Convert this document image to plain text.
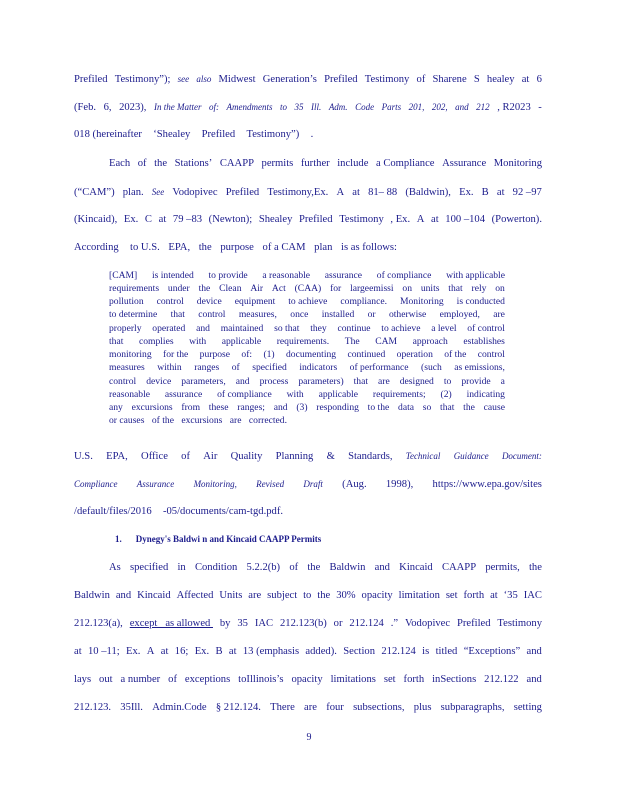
Prefiled Testimony”); see also Midwest Generation’s Prefiled Testimony of Sharene S healey at 6
(Feb. 6, 2023), In the Matter of: Amendments to 35 Ill. Adm. Code Parts 201, 202, and 212 , R2023 -
018 (hereinafter ‘Shealey Prefiled Testimony”) .
Each of the Stations’ CAAPP permits further include a Compliance Assurance Monitoring
(“CAM”) plan. See Vodopivec Prefiled Testimony,Ex. A at 81– 88 (Baldwin), Ex. B at 92 –97
(Kincaid), Ex. C at 79 –83 (Newton); Shealey Prefiled Testimony , Ex. A at 100 –104 (Powerton).
According to U.S. EPA, the purpose of a CAM plan is as follows:
[CAM] is intended to provide a reasonable assurance of compliance with applicable
requirements under the Clean Air Act (CAA) for largeemissi on units that rely on
pollution control device equipment to achieve compliance. Monitoring is conducted
to determine that control measures, once installed or otherwise employed, are
properly operated and maintained so that they continue to achieve a level of control
that complies with applicable requirements. The CAM approach establishes
monitoring for the purpose of: (1) documenting continued operation of the control
measures within ranges of specified indicators of performance (such as emissions,
control device parameters, and process parameters) that are designed to provide a
reasonable assurance of compliance with applicable requirements; (2) indicating
any excursions from these ranges; and (3) responding to the data so that the cause
or causes of the excursions are corrected.
U.S. EPA, Office of Air Quality Planning & Standards, Technical Guidance Document:
Compliance Assurance Monitoring, Revised Draft (Aug. 1998), https://www.epa.gov/sites
/default/files/2016 -05/documents/cam-tgd.pdf.
1. Dynegy's Baldwi n and Kincaid CAAPP Permits
As specified in Condition 5.2.2(b) of the Baldwin and Kincaid CAAPP permits, the
Baldwin and Kincaid Affected Units are subject to the 30% opacity limitation set forth at ‘35 IAC
212.123(a), except   as allowed by 35 IAC 212.123(b) or 212.124 .” Vodopivec Prefiled Testimony
at 10 –11; Ex. A at 16; Ex. B at 13 (emphasis added). Section 212.124 is titled “Exceptions” and
lays out a number of exceptions toIllinois’s opacity limitations set forth inSections 212.122 and
212.123. 35Ill. Admin.Code § 212.124. There are four subsections, plus subparagraphs, setting
9
